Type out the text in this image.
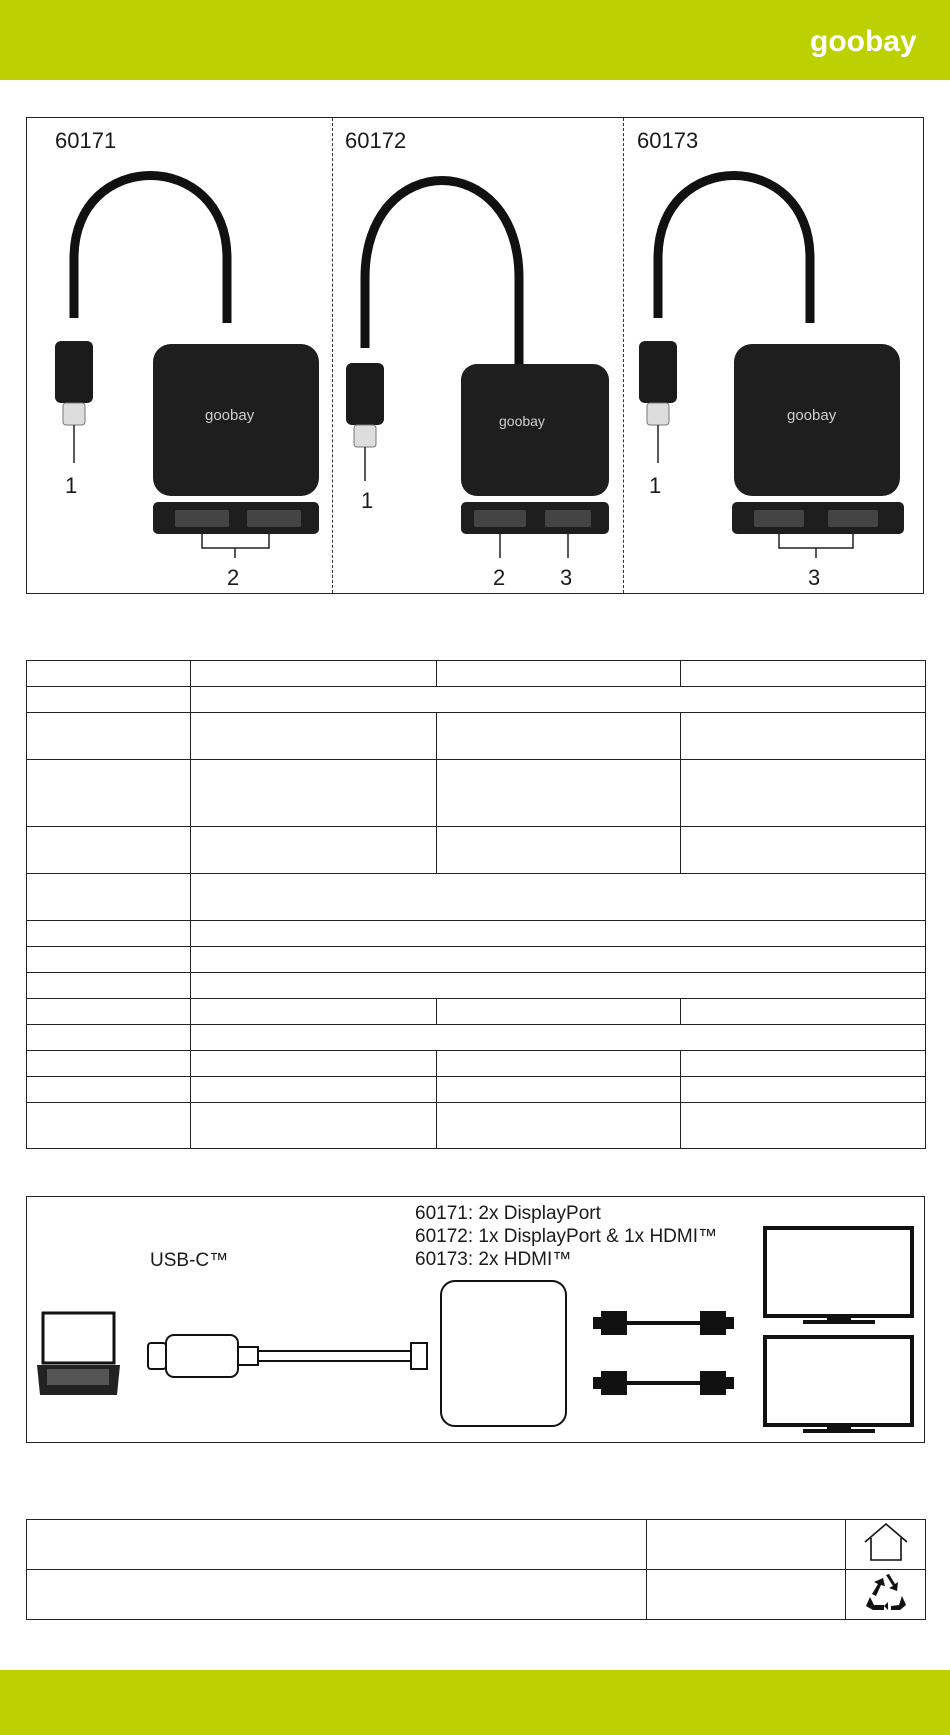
goobay
60171	60172	60173
goobay	goobay	goobay
1
2
1
2 3
1
3

USB-C™
60171: 2x DisplayPort
60172: 1x DisplayPort & 1x HDMI™
60173: 2x HDMI™
